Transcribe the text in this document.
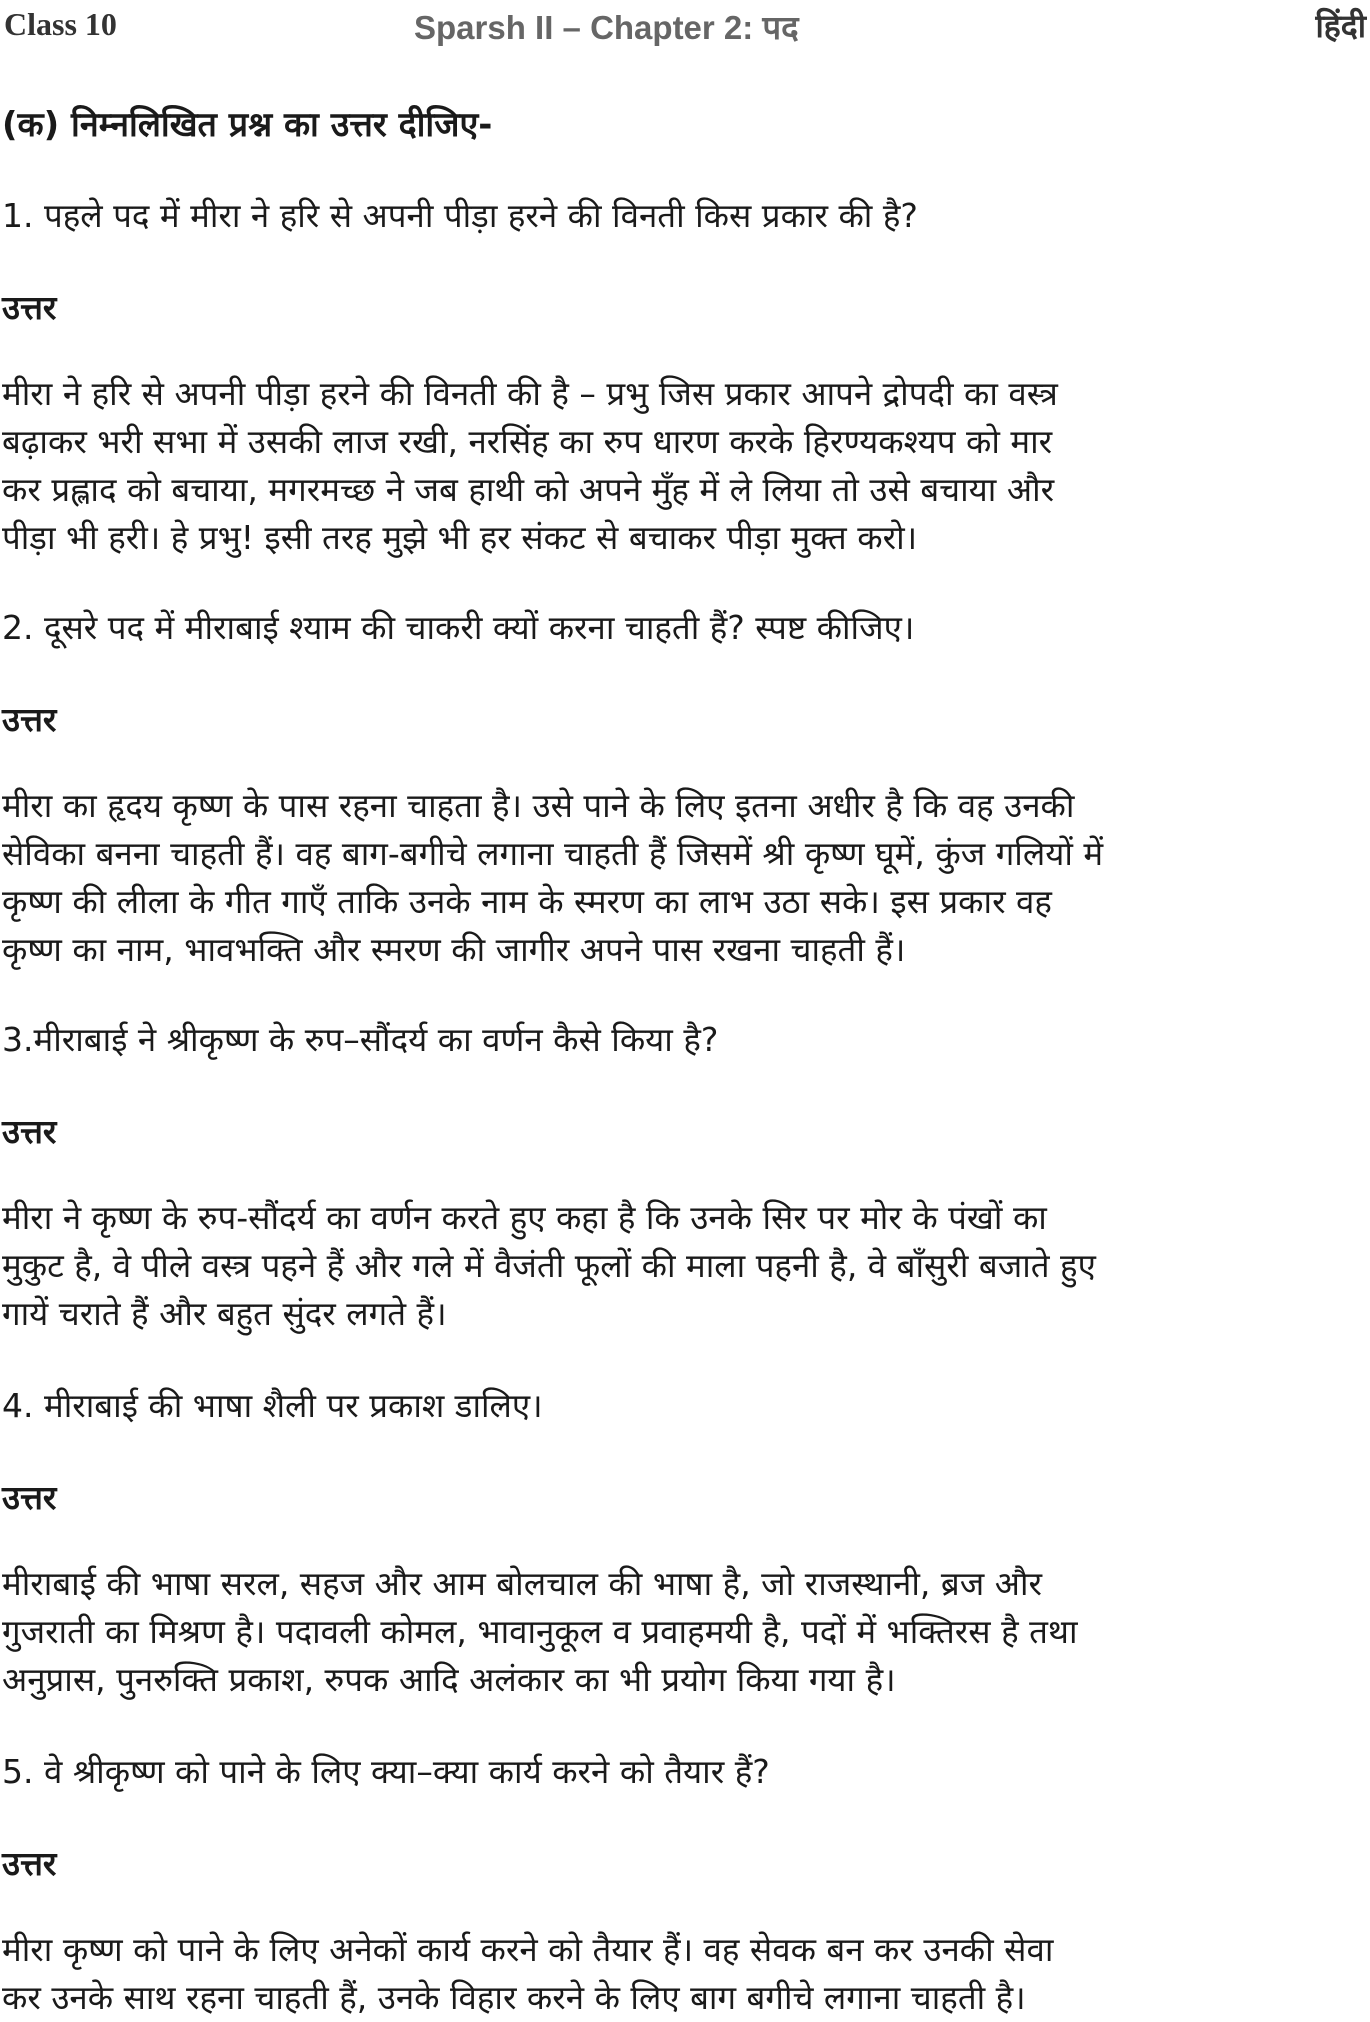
Class 10	Sparsh II – Chapter 2: पद	हिंदी
(क) निम्नलिखित प्रश्न का उत्तर दीजिए-
1. पहले पद में मीरा ने हरि से अपनी पीड़ा हरने की विनती किस प्रकार की है?
उत्तर
मीरा ने हरि से अपनी पीड़ा हरने की विनती की है – प्रभु जिस प्रकार आपने द्रोपदी का वस्त्र
बढ़ाकर भरी सभा में उसकी लाज रखी, नरसिंह का रुप धारण करके हिरण्यकश्यप को मार
कर प्रह्लाद को बचाया, मगरमच्छ ने जब हाथी को अपने मुँह में ले लिया तो उसे बचाया और
पीड़ा भी हरी। हे प्रभु! इसी तरह मुझे भी हर संकट से बचाकर पीड़ा मुक्त करो।
2. दूसरे पद में मीराबाई श्याम की चाकरी क्यों करना चाहती हैं? स्पष्ट कीजिए।
उत्तर
मीरा का हृदय कृष्ण के पास रहना चाहता है। उसे पाने के लिए इतना अधीर है कि वह उनकी
सेविका बनना चाहती हैं। वह बाग-बगीचे लगाना चाहती हैं जिसमें श्री कृष्ण घूमें, कुंज गलियों में
कृष्ण की लीला के गीत गाएँ ताकि उनके नाम के स्मरण का लाभ उठा सके। इस प्रकार वह
कृष्ण का नाम, भावभक्ति और स्मरण की जागीर अपने पास रखना चाहती हैं।
3.मीराबाई ने श्रीकृष्ण के रुप–सौंदर्य का वर्णन कैसे किया है?
उत्तर
मीरा ने कृष्ण के रुप-सौंदर्य का वर्णन करते हुए कहा है कि उनके सिर पर मोर के पंखों का
मुकुट है, वे पीले वस्त्र पहने हैं और गले में वैजंती फूलों की माला पहनी है, वे बाँसुरी बजाते हुए
गायें चराते हैं और बहुत सुंदर लगते हैं।
4. मीराबाई की भाषा शैली पर प्रकाश डालिए।
उत्तर
मीराबाई की भाषा सरल, सहज और आम बोलचाल की भाषा है, जो राजस्थानी, ब्रज और
गुजराती का मिश्रण है। पदावली कोमल, भावानुकूल व प्रवाहमयी है, पदों में भक्तिरस है तथा
अनुप्रास, पुनरुक्ति प्रकाश, रुपक आदि अलंकार का भी प्रयोग किया गया है।
5. वे श्रीकृष्ण को पाने के लिए क्या–क्या कार्य करने को तैयार हैं?
उत्तर
मीरा कृष्ण को पाने के लिए अनेकों कार्य करने को तैयार हैं। वह सेवक बन कर उनकी सेवा
कर उनके साथ रहना चाहती हैं, उनके विहार करने के लिए बाग बगीचे लगाना चाहती है।
